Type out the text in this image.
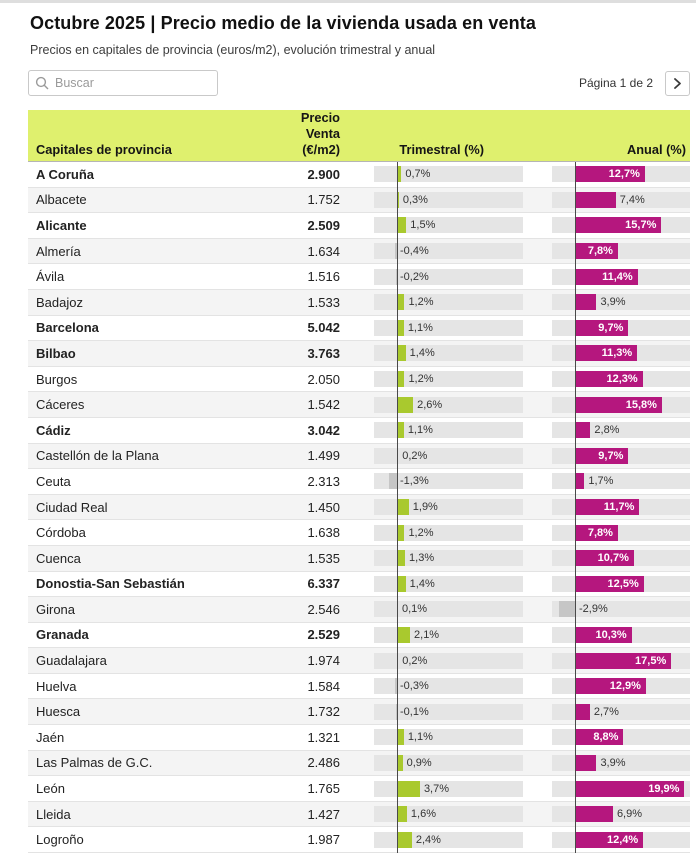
Octubre 2025 | Precio medio de la vivienda usada en venta

Precios en capitales de provincia (euros/m2), evolución trimestral y anual

Buscar
Página 1 de 2
Capitales de provincia
Precio Venta
(€/m2)	Trimestral (%)	Anual (%)
A Coruña	2.900	0,7%	12,7%
Albacete	1.752	0,3%	7,4%
Alicante	2.509	1,5%	15,7%
Almería	1.634	-0,4%	7,8%
Ávila	1.516	-0,2%	11,4%
Badajoz	1.533	1,2%	3,9%
Barcelona	5.042	1,1%	9,7%
Bilbao	3.763	1,4%	11,3%
Burgos	2.050	1,2%	12,3%
Cáceres	1.542	2,6%	15,8%
Cádiz	3.042	1,1%	2,8%
Castellón de la Plana	1.499	0,2%	9,7%
Ceuta	2.313	-1,3%	1,7%
Ciudad Real	1.450	1,9%	11,7%
Córdoba	1.638	1,2%	7,8%
Cuenca	1.535	1,3%	10,7%
Donostia-San Sebastián	6.337	1,4%	12,5%
Girona	2.546	0,1%	-2,9%
Granada	2.529	2,1%	10,3%
Guadalajara	1.974	0,2%	17,5%
Huelva	1.584	-0,3%	12,9%
Huesca	1.732	-0,1%	2,7%
Jaén	1.321	1,1%	8,8%
Las Palmas de G.C.	2.486	0,9%	3,9%
León	1.765	3,7%	19,9%
Lleida	1.427	1,6%	6,9%
Logroño	1.987	2,4%	12,4%
